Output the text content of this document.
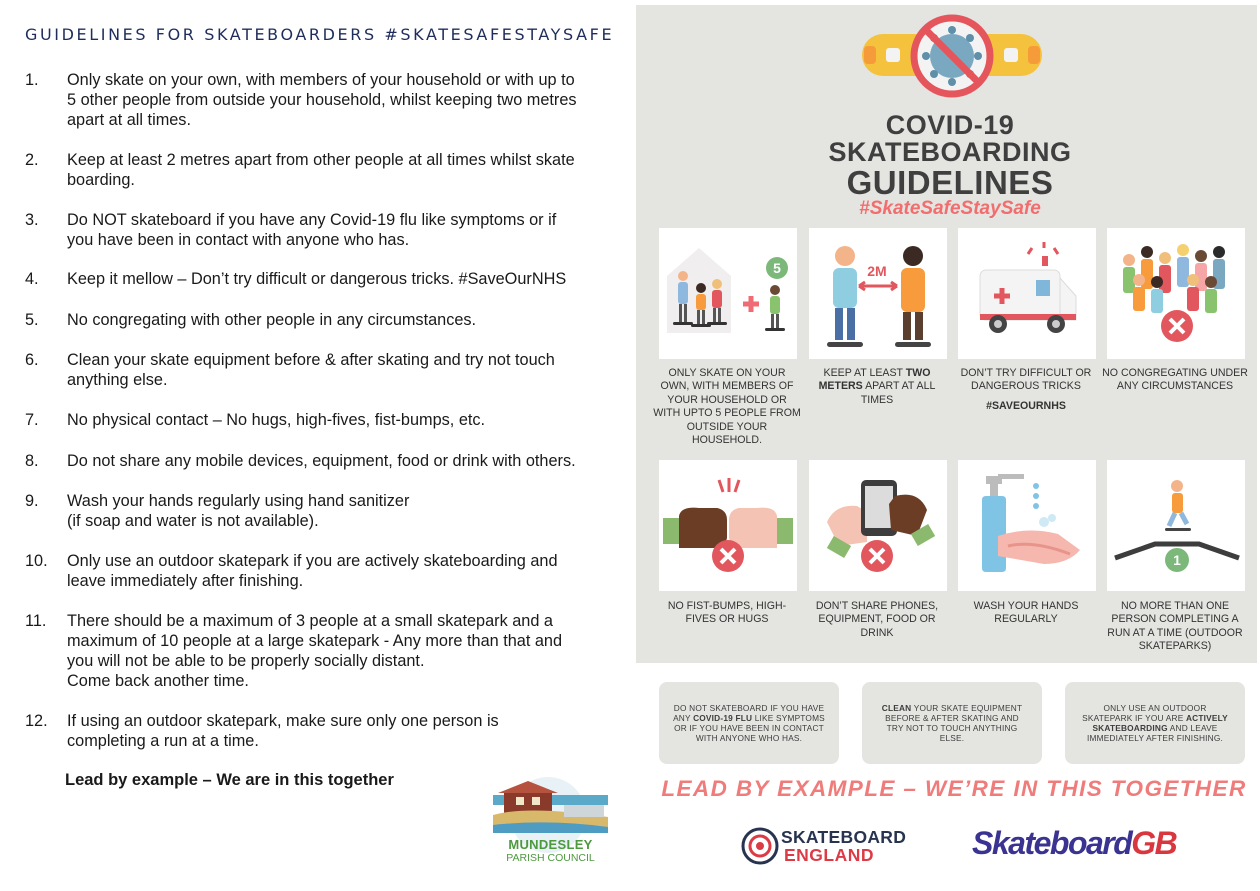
GUIDELINES FOR SKATEBOARDERS #SKATESAFESTAYSAFE
1. Only skate on your own, with members of your household or with up to
5 other people from outside your household, whilst keeping two metres
apart at all times.
2. Keep at least 2 metres apart from other people at all times whilst skate
boarding.
3. Do NOT skateboard if you have any Covid-19 flu like symptoms or if
you have been in contact with anyone who has.
4. Keep it mellow – Don’t try difficult or dangerous tricks. #SaveOurNHS
5. No congregating with other people in any circumstances.
6. Clean your skate equipment before & after skating and try not touch
anything else.
7. No physical contact – No hugs, high-fives, fist-bumps, etc.
8. Do not share any mobile devices, equipment, food or drink with others.
9. Wash your hands regularly using hand sanitizer
(if soap and water is not available).
10. Only use an outdoor skatepark if you are actively skateboarding and
leave immediately after finishing.
11. There should be a maximum of 3 people at a small skatepark and a
maximum of 10 people at a large skatepark - Any more than that and
you will not be able to be properly socially distant.
Come back another time.
12. If using an outdoor skatepark, make sure only one person is
completing a run at a time.
Lead by example – We are in this together
MUNDESLEY
PARISH COUNCIL
COVID-19
SKATEBOARDING
GUIDELINES
#SkateSafeStaySafe
5	2M
ONLY SKATE ON YOUR OWN, WITH MEMBERS OF YOUR HOUSEHOLD OR WITH UPTO 5 PEOPLE FROM OUTSIDE YOUR HOUSEHOLD.
KEEP AT LEAST TWO METERS APART AT ALL TIMES
DON’T TRY DIFFICULT OR DANGEROUS TRICKS
#SAVEOURNHS
NO CONGREGATING UNDER ANY CIRCUMSTANCES
1
NO FIST-BUMPS, HIGH-FIVES OR HUGS
DON’T SHARE PHONES, EQUIPMENT, FOOD OR DRINK
WASH YOUR HANDS REGULARLY
NO MORE THAN ONE PERSON COMPLETING A RUN AT A TIME (OUTDOOR SKATEPARKS)
DO NOT SKATEBOARD IF YOU HAVE ANY COVID-19 FLU LIKE SYMPTOMS OR IF YOU HAVE BEEN IN CONTACT WITH ANYONE WHO HAS.
CLEAN YOUR SKATE EQUIPMENT BEFORE & AFTER SKATING AND TRY NOT TO TOUCH ANYTHING ELSE.
ONLY USE AN OUTDOOR SKATEPARK IF YOU ARE ACTIVELY SKATEBOARDING AND LEAVE IMMEDIATELY AFTER FINISHING.
LEAD BY EXAMPLE – WE’RE IN THIS TOGETHER
SKATEBOARD
ENGLAND	SkateboardGB
